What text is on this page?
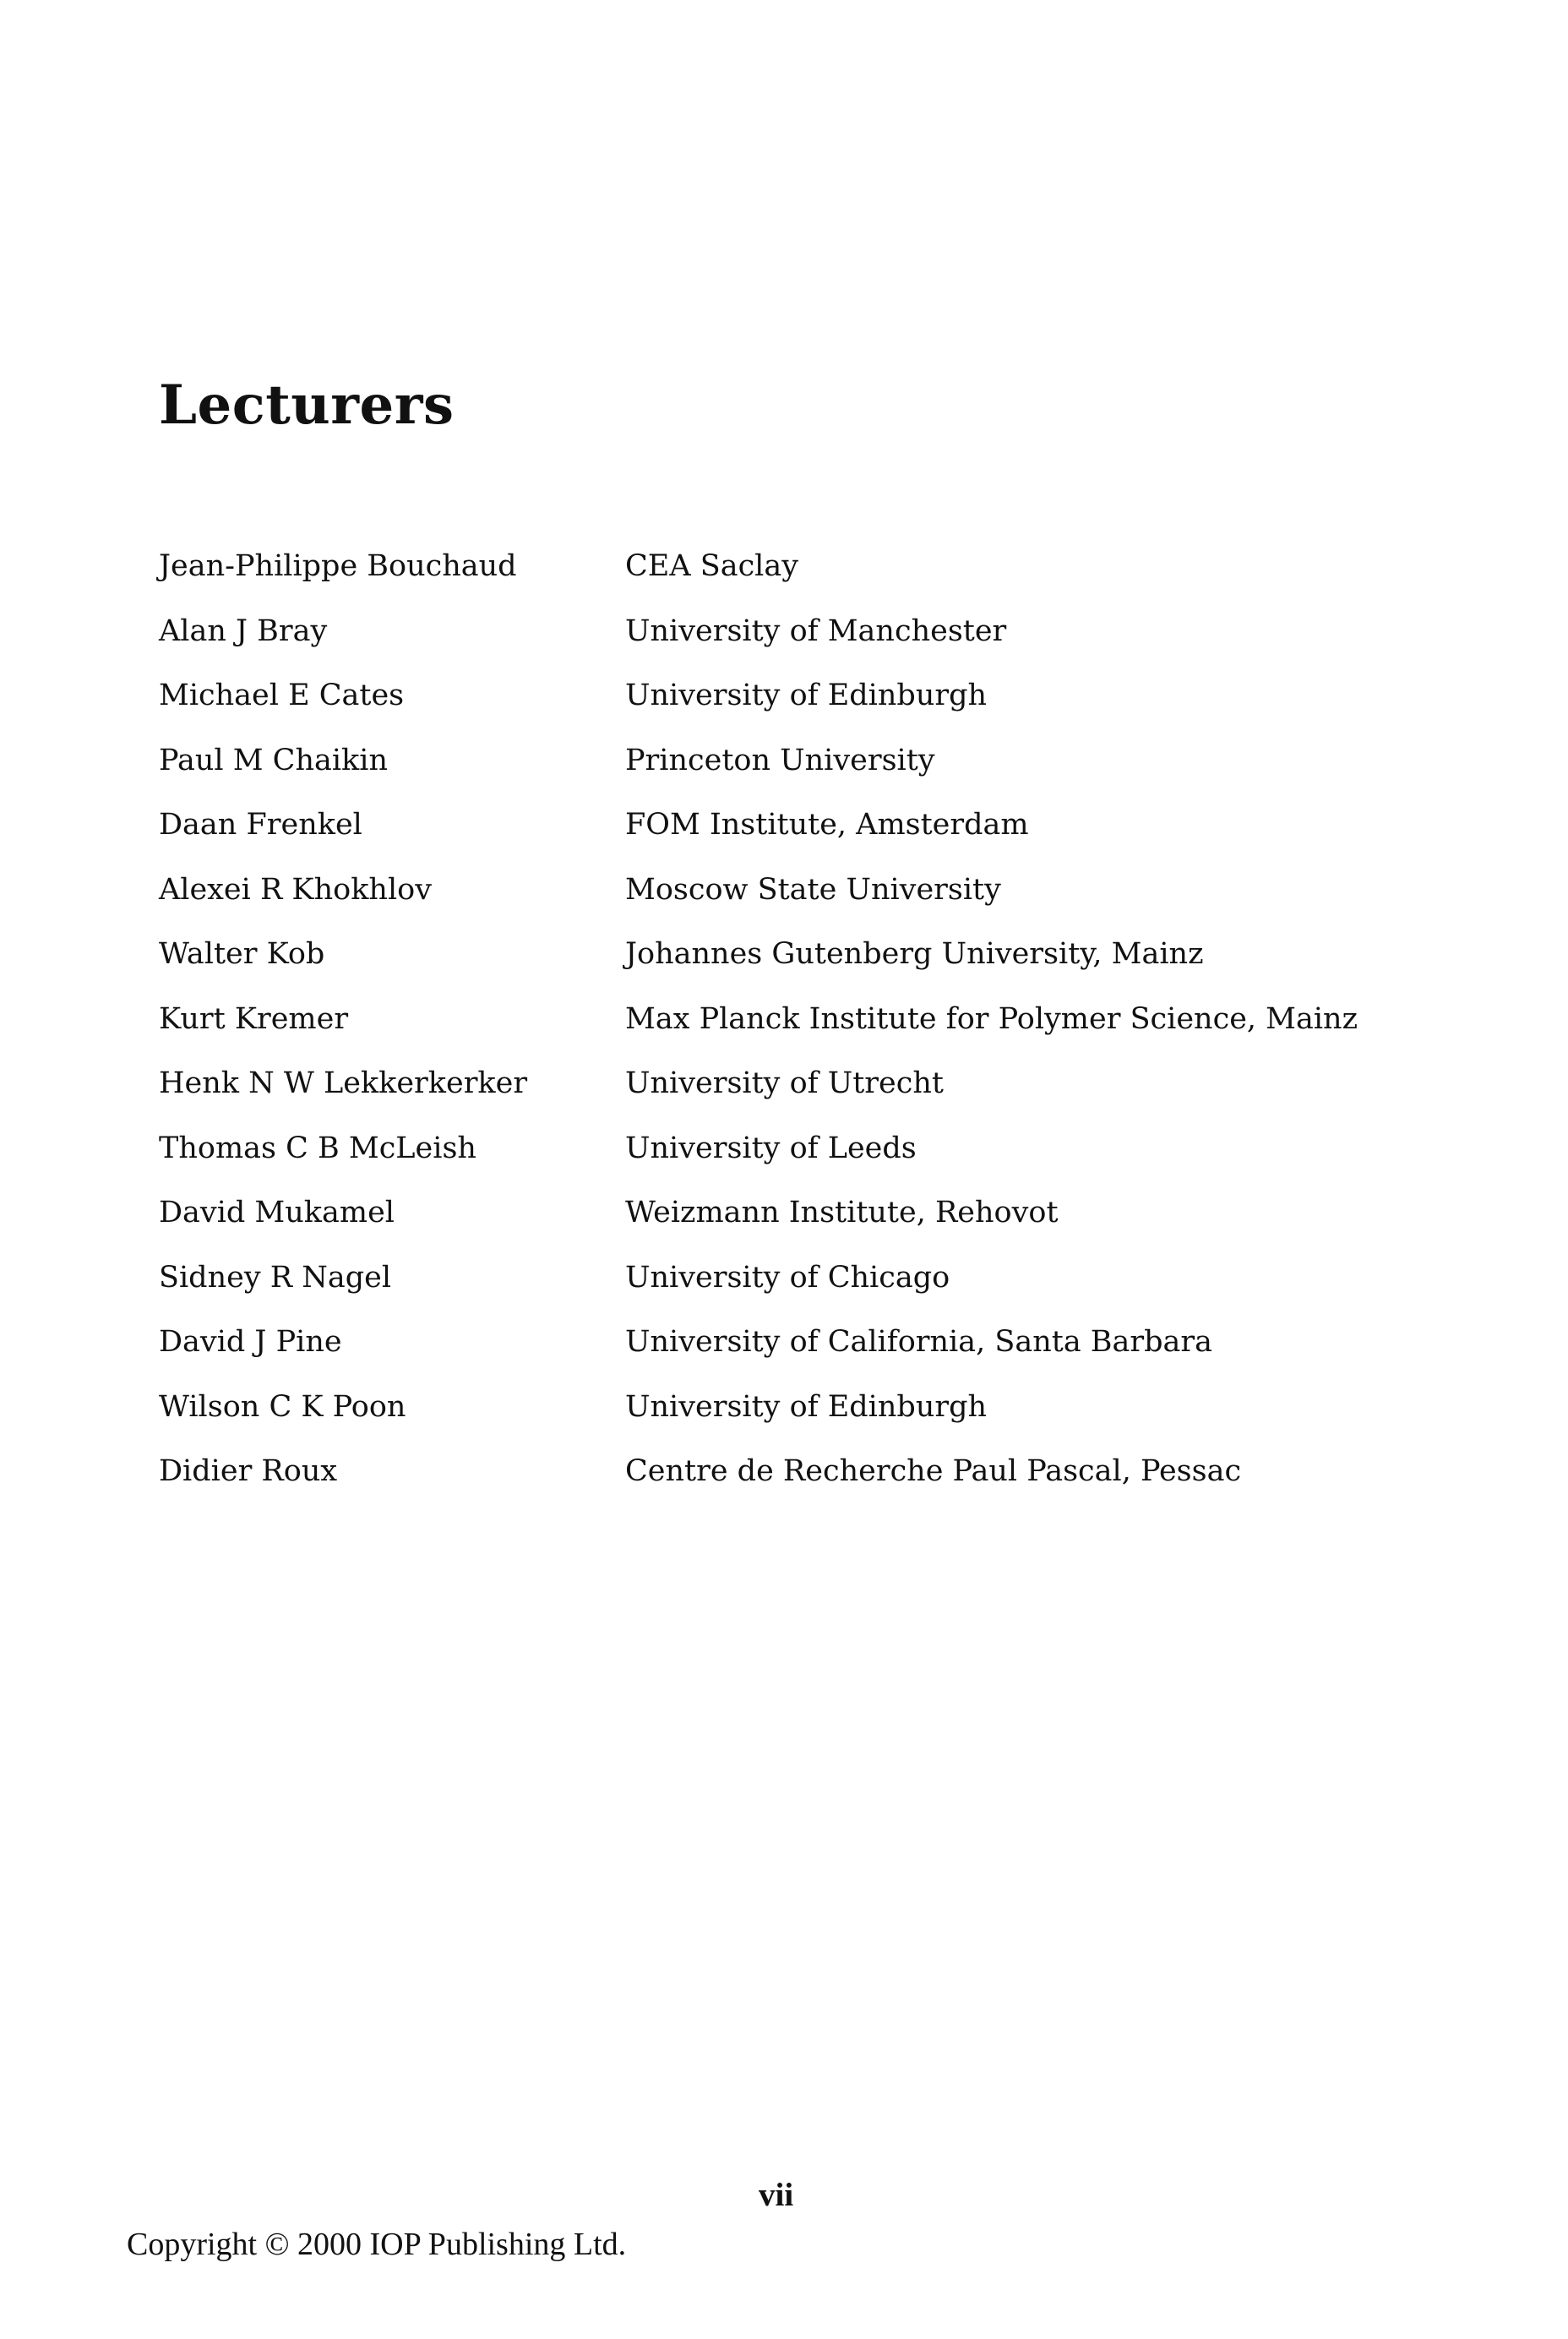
Lecturers
Jean-Philippe Bouchaud	CEA Saclay
Alan J Bray	University of Manchester
Michael E Cates	University of Edinburgh
Paul M Chaikin	Princeton University
Daan Frenkel	FOM Institute, Amsterdam
Alexei R Khokhlov	Moscow State University
Walter Kob	Johannes Gutenberg University, Mainz
Kurt Kremer	Max Planck Institute for Polymer Science, Mainz
Henk N W Lekkerkerker	University of Utrecht
Thomas C B McLeish	University of Leeds
David Mukamel	Weizmann Institute, Rehovot
Sidney R Nagel	University of Chicago
David J Pine	University of California, Santa Barbara
Wilson C K Poon	University of Edinburgh
Didier Roux	Centre de Recherche Paul Pascal, Pessac
vii
Copyright © 2000 IOP Publishing Ltd.
